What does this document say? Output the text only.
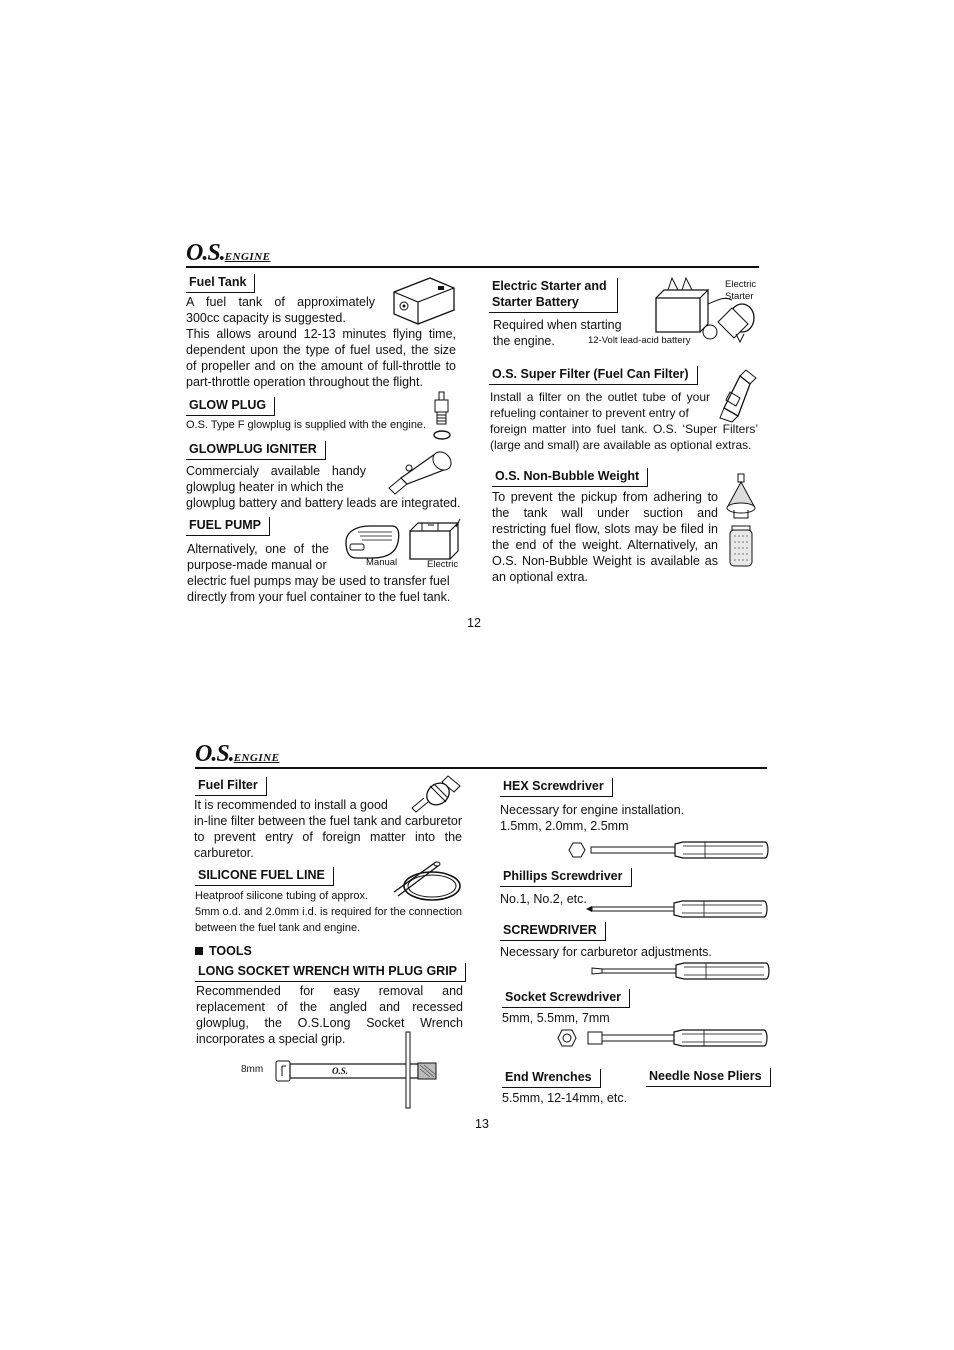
O.S.ENGINE
Fuel Tank
A fuel tank of approximately 300cc capacity is suggested.
This allows around 12-13 minutes flying time, dependent upon the type of fuel used, the size of propeller and on the amount of full-throttle to part-throttle operation throughout the flight.
GLOW PLUG
O.S. Type F glowplug is supplied with the engine.
GLOWPLUG IGNITER
Commercialy available handy glowplug heater in which the
glowplug battery and battery leads are integrated.
FUEL PUMP
Alternatively, one of the purpose-made manual or
electric fuel pumps may be used to transfer fuel directly from your fuel container to the fuel tank.
Manual	Electric
Electric Starter and
Starter Battery
Required when starting the engine.
Electric Starter
12-Volt lead-acid battery
O.S. Super Filter (Fuel Can Filter)
Install a filter on the outlet tube of your refueling container to prevent entry of
foreign matter into fuel tank. O.S. ‘Super Filters’ (large and small) are available as optional extras.
O.S. Non-Bubble Weight
To prevent the pickup from adhering to the tank wall under suction and restricting fuel flow, slots may be filed in the end of the weight. Alternatively, an O.S. Non-Bubble Weight is available as an optional extra.
12
O.S.ENGINE
Fuel Filter
It is recommended to install a good
in-line filter between the fuel tank and carburetor to prevent entry of foreign matter into the carburetor.
SILICONE FUEL LINE
Heatproof silicone tubing of approx.
5mm o.d. and 2.0mm i.d. is required for the connection between the fuel tank and engine.
TOOLS
LONG SOCKET WRENCH WITH PLUG GRIP
Recommended for easy removal and replacement of the angled and recessed glowplug, the O.S.Long Socket Wrench incorporates a special grip.
8mm	O.S.
HEX Screwdriver
Necessary for engine installation.
1.5mm, 2.0mm, 2.5mm
Phillips Screwdriver
No.1, No.2, etc.
SCREWDRIVER
Necessary for carburetor adjustments.
Socket Screwdriver
5mm, 5.5mm, 7mm
End Wrenches
5.5mm, 12-14mm, etc.
Needle Nose Pliers
13
